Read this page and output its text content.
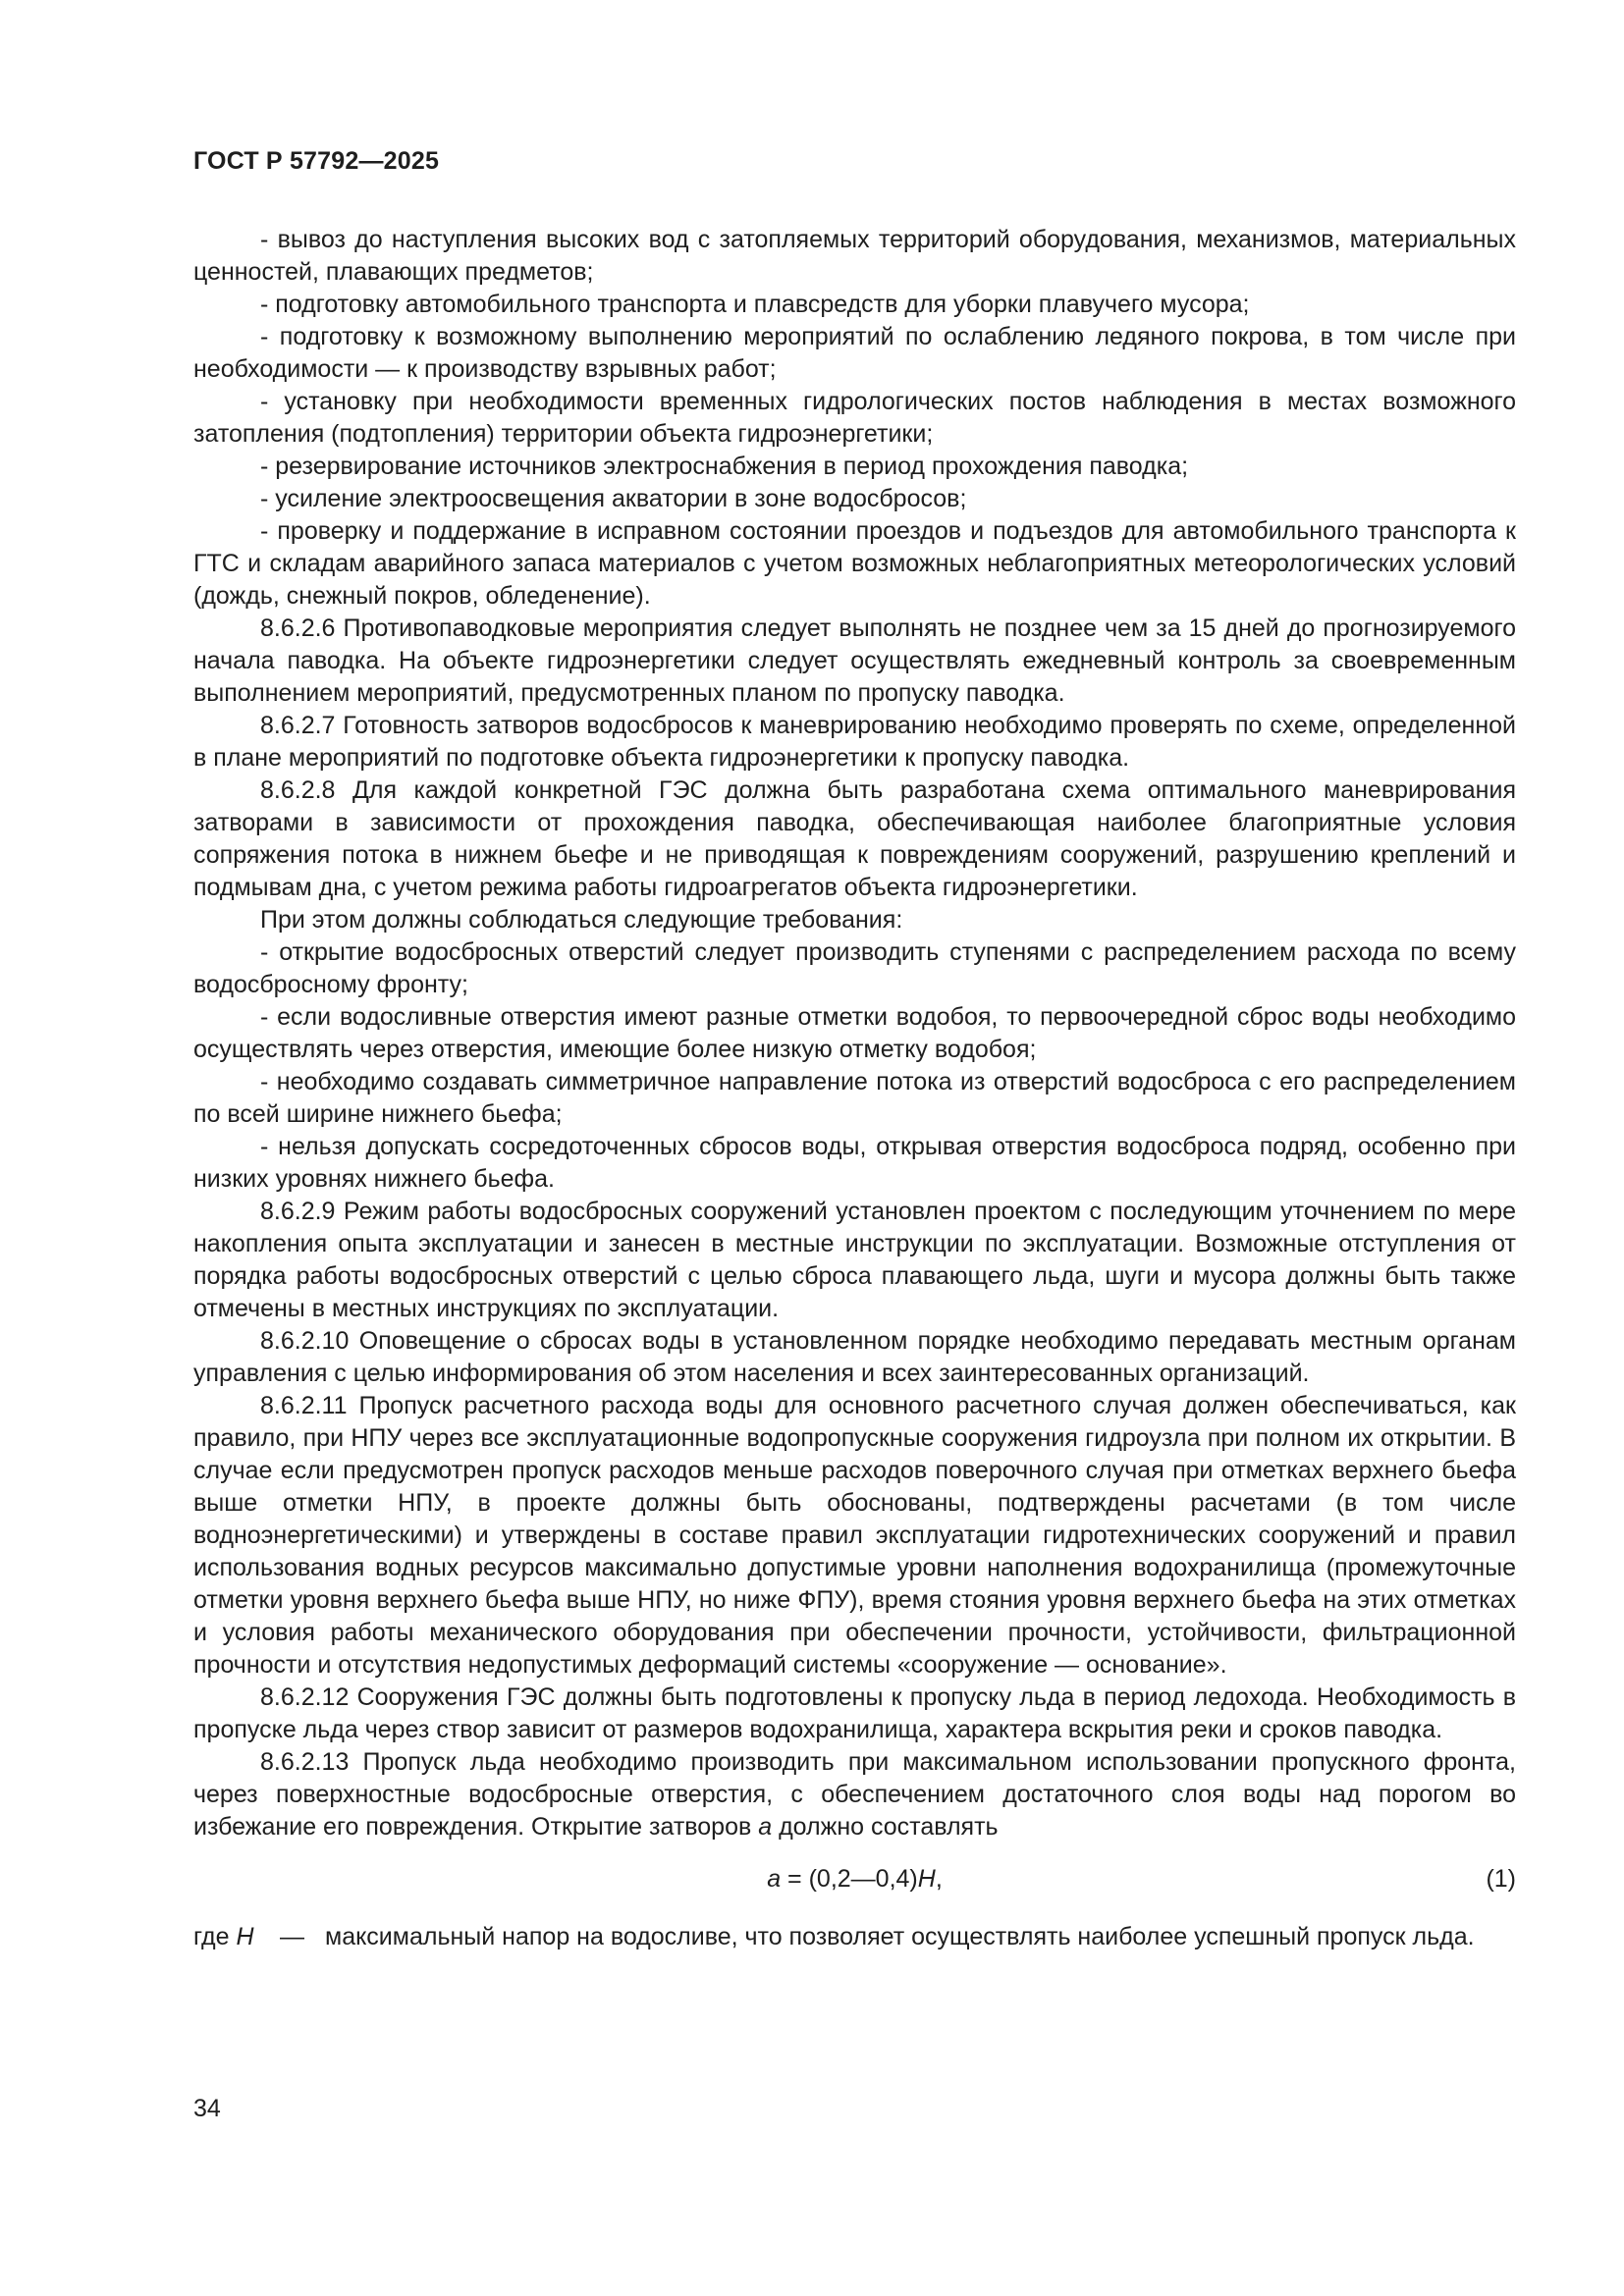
ГОСТ Р 57792—2025

- вывоз до наступления высоких вод с затопляемых территорий оборудования, механизмов, материальных ценностей, плавающих предметов;

- подготовку автомобильного транспорта и плавсредств для уборки плавучего мусора;

- подготовку к возможному выполнению мероприятий по ослаблению ледяного покрова, в том числе при необходимости — к производству взрывных работ;

- установку при необходимости временных гидрологических постов наблюдения в местах возможного затопления (подтопления) территории объекта гидроэнергетики;

- резервирование источников электроснабжения в период прохождения паводка;

- усиление электроосвещения акватории в зоне водосбросов;

- проверку и поддержание в исправном состоянии проездов и подъездов для автомобильного транспорта к ГТС и складам аварийного запаса материалов с учетом возможных неблагоприятных метеорологических условий (дождь, снежный покров, обледенение).

8.6.2.6 Противопаводковые мероприятия следует выполнять не позднее чем за 15 дней до прогнозируемого начала паводка. На объекте гидроэнергетики следует осуществлять ежедневный контроль за своевременным выполнением мероприятий, предусмотренных планом по пропуску паводка.

8.6.2.7 Готовность затворов водосбросов к маневрированию необходимо проверять по схеме, определенной в плане мероприятий по подготовке объекта гидроэнергетики к пропуску паводка.

8.6.2.8 Для каждой конкретной ГЭС должна быть разработана схема оптимального маневрирования затворами в зависимости от прохождения паводка, обеспечивающая наиболее благоприятные условия сопряжения потока в нижнем бьефе и не приводящая к повреждениям сооружений, разрушению креплений и подмывам дна, с учетом режима работы гидроагрегатов объекта гидроэнергетики.

При этом должны соблюдаться следующие требования:

- открытие водосбросных отверстий следует производить ступенями с распределением расхода по всему водосбросному фронту;

- если водосливные отверстия имеют разные отметки водобоя, то первоочередной сброс воды необходимо осуществлять через отверстия, имеющие более низкую отметку водобоя;

- необходимо создавать симметричное направление потока из отверстий водосброса с его распределением по всей ширине нижнего бьефа;

- нельзя допускать сосредоточенных сбросов воды, открывая отверстия водосброса подряд, особенно при низких уровнях нижнего бьефа.

8.6.2.9 Режим работы водосбросных сооружений установлен проектом с последующим уточнением по мере накопления опыта эксплуатации и занесен в местные инструкции по эксплуатации. Возможные отступления от порядка работы водосбросных отверстий с целью сброса плавающего льда, шуги и мусора должны быть также отмечены в местных инструкциях по эксплуатации.

8.6.2.10 Оповещение о сбросах воды в установленном порядке необходимо передавать местным органам управления с целью информирования об этом населения и всех заинтересованных организаций.

8.6.2.11 Пропуск расчетного расхода воды для основного расчетного случая должен обеспечиваться, как правило, при НПУ через все эксплуатационные водопропускные сооружения гидроузла при полном их открытии. В случае если предусмотрен пропуск расходов меньше расходов поверочного случая при отметках верхнего бьефа выше отметки НПУ, в проекте должны быть обоснованы, подтверждены расчетами (в том числе водноэнергетическими) и утверждены в составе правил эксплуатации гидротехнических сооружений и правил использования водных ресурсов максимально допустимые уровни наполнения водохранилища (промежуточные отметки уровня верхнего бьефа выше НПУ, но ниже ФПУ), время стояния уровня верхнего бьефа на этих отметках и условия работы механического оборудования при обеспечении прочности, устойчивости, фильтрационной прочности и отсутствия недопустимых деформаций системы «сооружение — основание».

8.6.2.12 Сооружения ГЭС должны быть подготовлены к пропуску льда в период ледохода. Необходимость в пропуске льда через створ зависит от размеров водохранилища, характера вскрытия реки и сроков паводка.

8.6.2.13 Пропуск льда необходимо производить при максимальном использовании пропускного фронта, через поверхностные водосбросные отверстия, с обеспечением достаточного слоя воды над порогом во избежание его повреждения. Открытие затворов a должно составлять

a = (0,2—0,4)H,	(1)
где H	— максимальный напор на водосливе, что позволяет осуществлять наиболее успешный пропуск льда.
34
